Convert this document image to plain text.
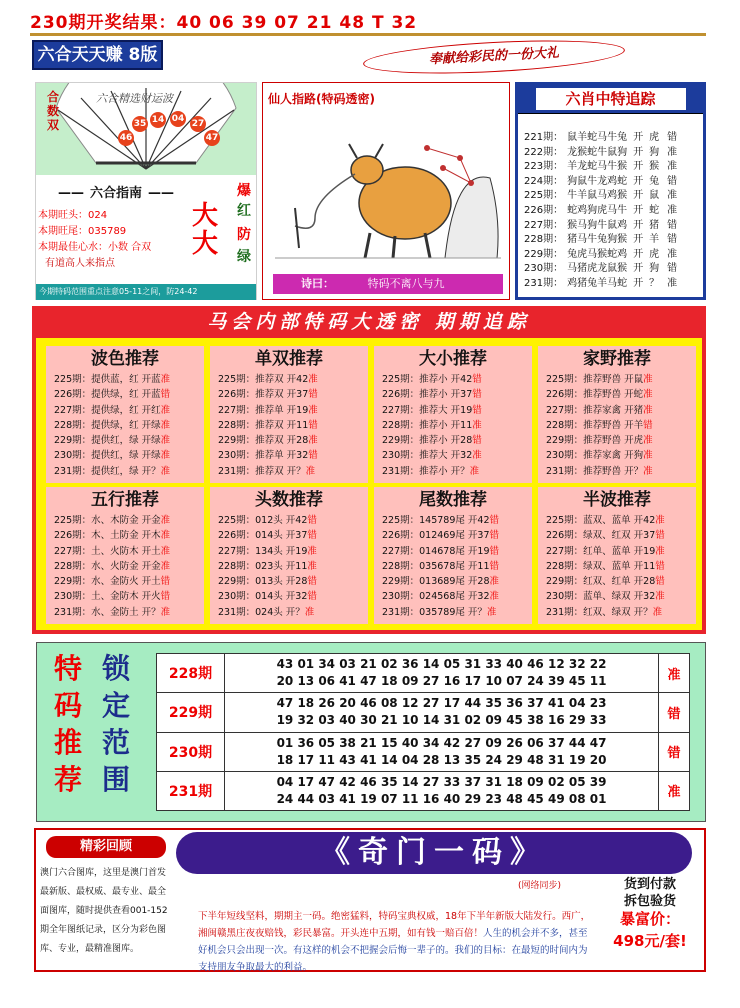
230期开奖结果：40 06 39 07 21 48 T 32
六合天天赚 8版	奉献给彩民的一份大礼
合数双
六合精选财运波
35 14 04 27
46	47
—— 六合指南 ——
本期旺头：024
本期旺尾：035789
本期最佳心水：小数 合双
有道高人来指点
大大
爆
红
防
绿
今期特码范围重点注意05-11之间，防24-42
仙人指路(特码透密)
诗曰：	特码不离八与九
六肖中特追踪
221期： 鼠羊蛇马牛兔 开 虎 错
222期： 龙猴蛇牛鼠狗 开 狗 准
223期： 羊龙蛇马牛猴 开 猴 准
224期： 狗鼠牛龙鸡蛇 开 兔 错
225期： 牛羊鼠马鸡猴 开 鼠 准
226期： 蛇鸡狗虎马牛 开 蛇 准
227期： 猴马狗牛鼠鸡 开 猪 错
228期： 猪马牛兔狗猴 开 羊 错
229期： 兔虎马猴蛇鸡 开 虎 准
230期： 马猪虎龙鼠猴 开 狗 错
231期： 鸡猪兔羊马蛇 开 ？ 准
马会内部特码大透密 期期追踪
波色推荐
225期：提供蓝，红 开蓝准
226期：提供绿，红 开蓝错
227期：提供绿，红 开红准
228期：提供绿，红 开绿准
229期：提供红，绿 开绿准
230期：提供红，绿 开绿准
231期：提供红，绿 开？准
单双推荐
225期：推荐双 开42准
226期：推荐双 开37错
227期：推荐单 开19准
228期：推荐双 开11错
229期：推荐双 开28准
230期：推荐单 开32错
231期：推荐双 开？准
大小推荐
225期：推荐小 开42错
226期：推荐小 开37错
227期：推荐大 开19错
228期：推荐小 开11准
229期：推荐小 开28错
230期：推荐大 开32准
231期：推荐小 开？准
家野推荐
225期：推荐野兽 开鼠准
226期：推荐野兽 开蛇准
227期：推荐家禽 开猪准
228期：推荐野兽 开羊错
229期：推荐野兽 开虎准
230期：推荐家禽 开狗准
231期：推荐野兽 开？准
五行推荐
225期：水、木防金 开金准
226期：木、土防金 开木准
227期：土、火防木 开土准
228期：水、火防金 开金准
229期：水、金防火 开土错
230期：土、金防木 开火错
231期：水、金防土 开？准
头数推荐
225期：012头 开42错
226期：014头 开37错
227期：134头 开19准
228期：023头 开11准
229期：013头 开28错
230期：014头 开32错
231期：024头 开？准
尾数推荐
225期：145789尾 开42错
226期：012469尾 开37错
227期：014678尾 开19错
228期：035678尾 开11错
229期：013689尾 开28准
230期：024568尾 开32准
231期：035789尾 开？准
半波推荐
225期：蓝双、蓝单 开42准
226期：绿双、红双 开37错
227期：红单、蓝单 开19准
228期：绿双、蓝单 开11错
229期：红双、红单 开28错
230期：蓝单、绿双 开32准
231期：红双、绿双 开？准
特
码
推
荐
锁
定
范
围
228期	43 01 34 03 21 02 36 14 05 31 33 40 46 12 32 22
20 13 06 41 47 18 09 27 16 17 10 07 24 39 45 11	准
229期	47 18 26 20 46 08 12 27 17 44 35 36 37 41 04 23
19 32 03 40 30 21 10 14 31 02 09 45 38 16 29 33	错
230期	01 36 05 38 21 15 40 34 42 27 09 26 06 37 44 47
18 17 11 43 41 14 04 28 13 35 24 29 48 31 19 20	错
231期	04 17 47 42 46 35 14 27 33 37 31 18 09 02 05 39
24 44 03 41 19 07 11 16 40 29 23 48 45 49 08 01	准
精彩回顾
澳门六合图库，这里是澳门首发最新版、最权威、最专业、最全面图库，随时提供查看001-152期全年图纸记录，区分为彩色图库、专业，最精准图库。
《奇门一码》
(网络同步)
下半年短线坚料，期期主一码。绝密猛料，特码宝典权威，18年下半年新版大陆发行。西广，湘闽赣黑庄夜夜赔钱，彩民暴富。开头连中五期，如有钱一赔百倍！人生的机会并不多，甚至好机会只会出现一次。有这样的机会不把握会后悔一辈子的。我们的目标：在最短的时间内为支持朋友争取最大的利益。
货到付款
拆包验货
暴富价：
498元/套!
